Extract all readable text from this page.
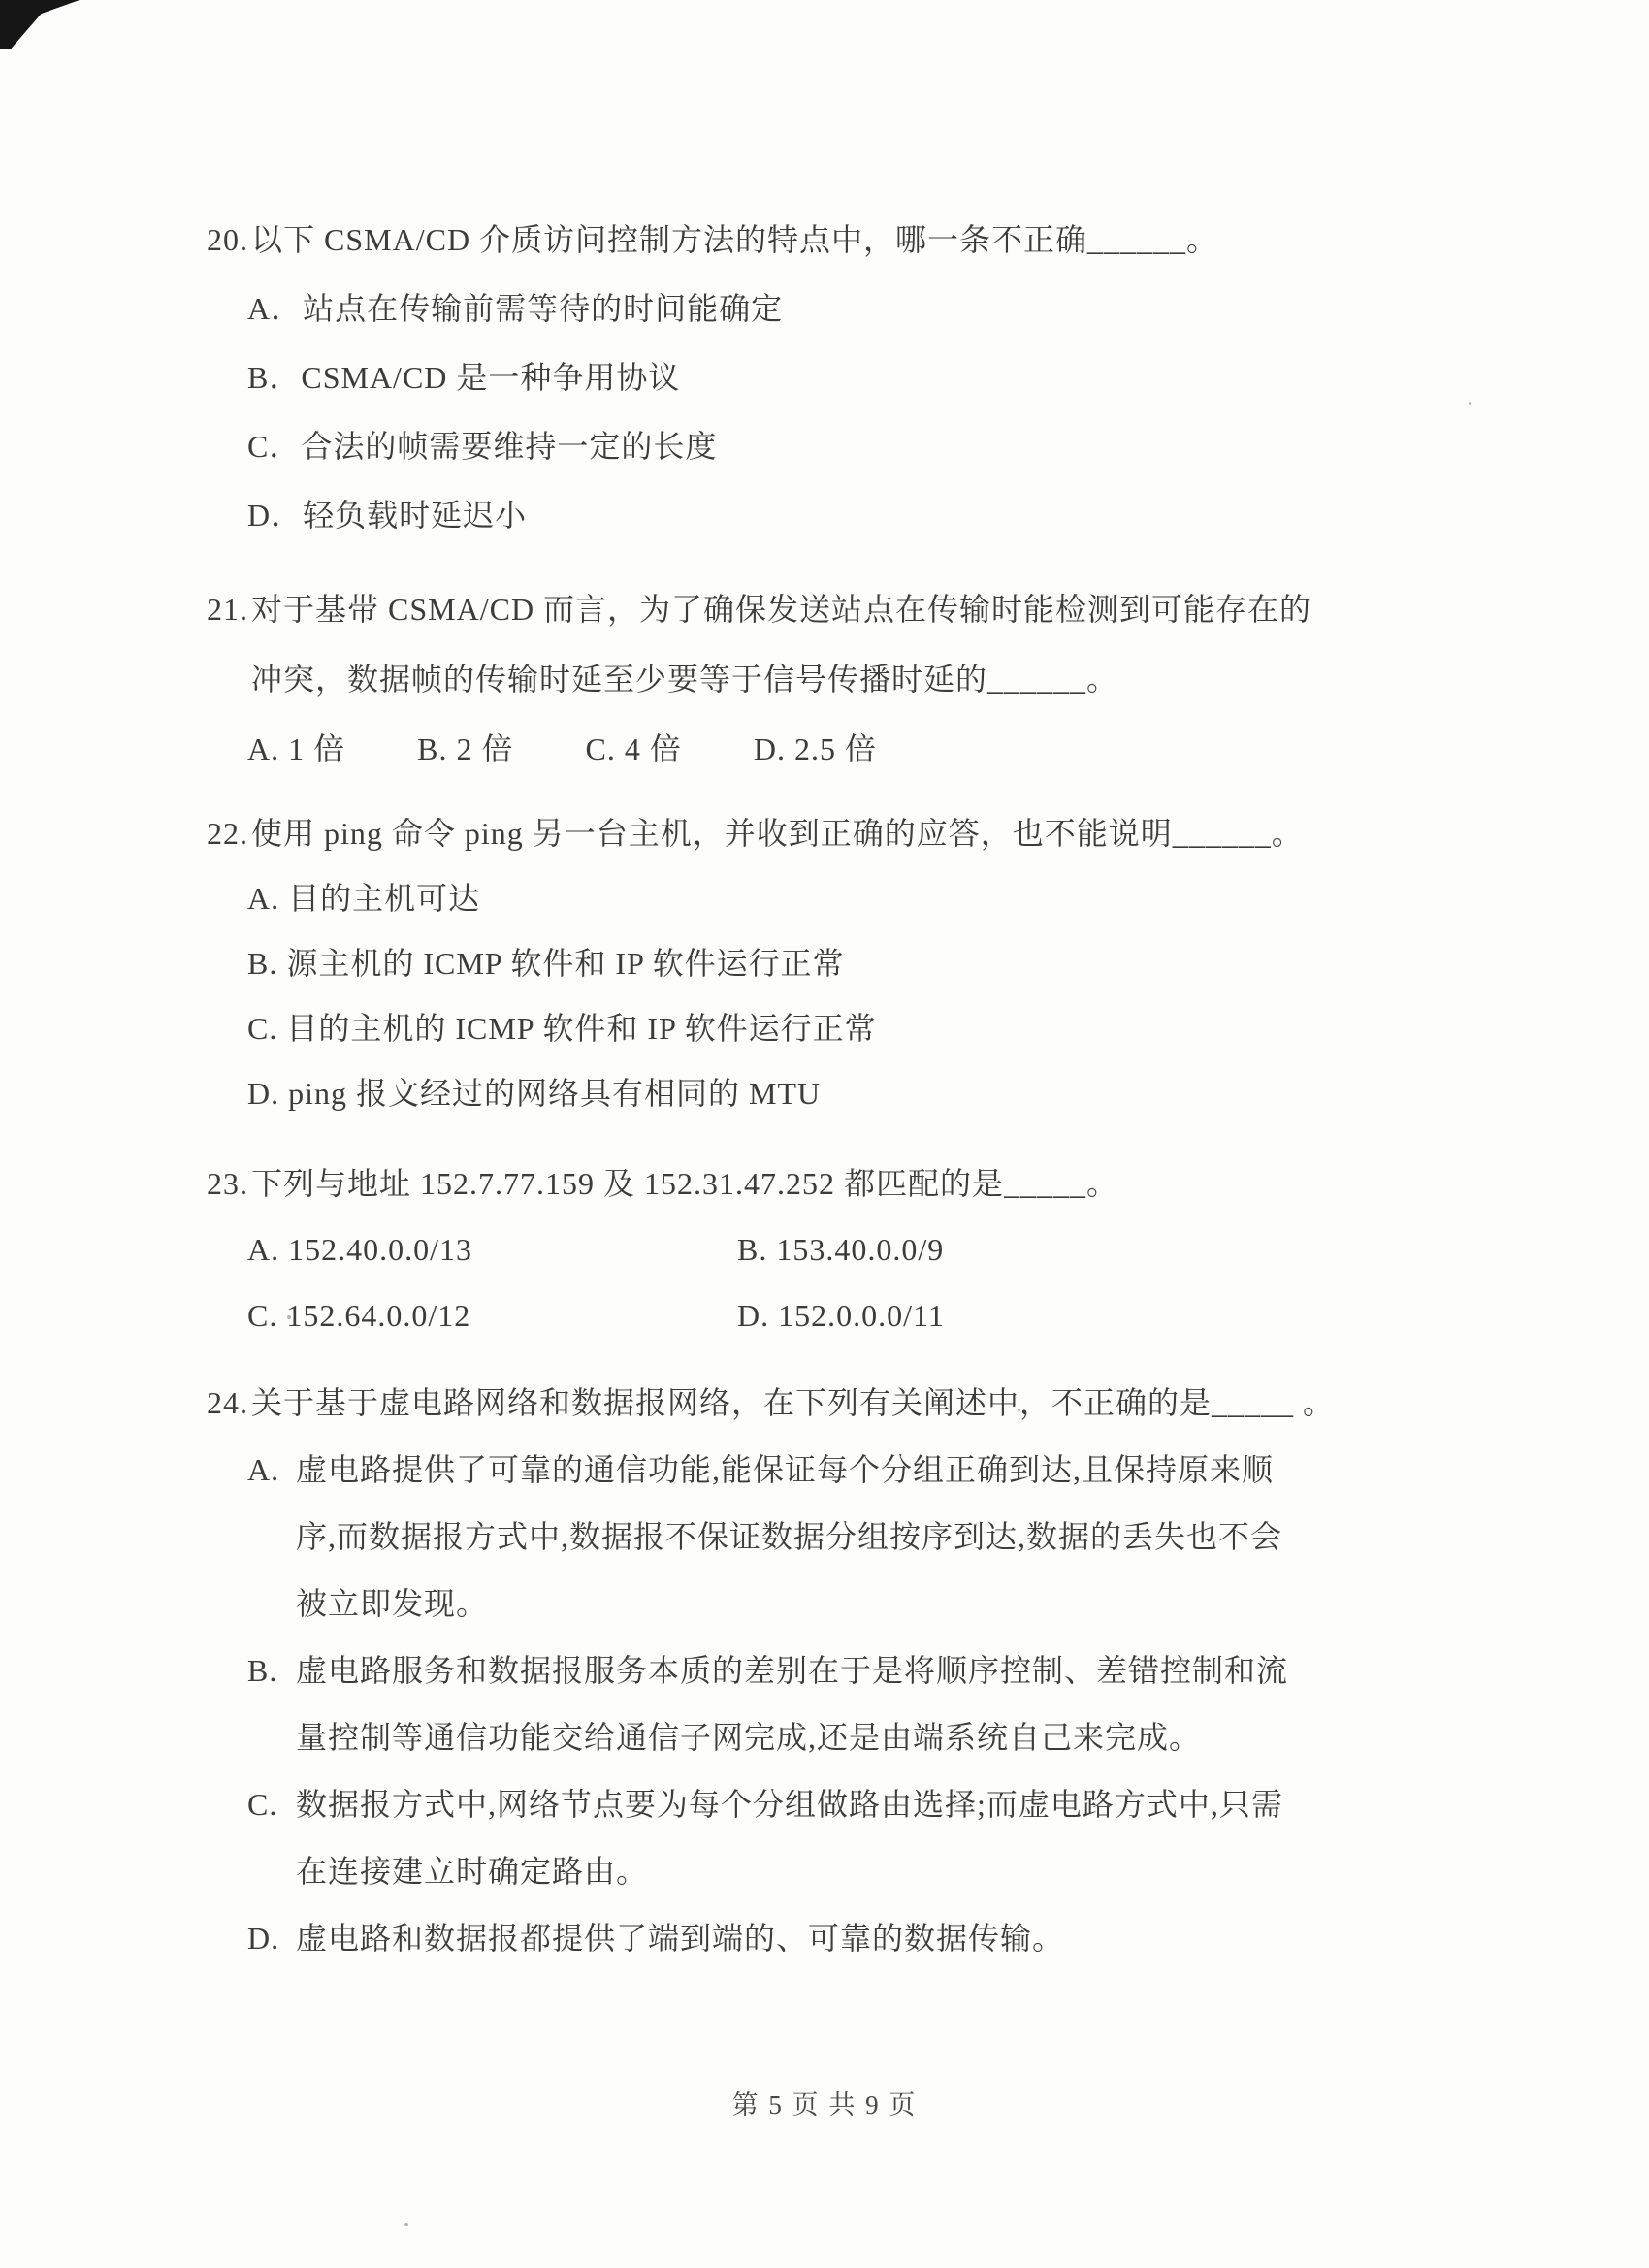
20. 以下 CSMA/CD 介质访问控制方法的特点中，哪一条不正确______。
A．站点在传输前需等待的时间能确定
B．CSMA/CD 是一种争用协议
C．合法的帧需要维持一定的长度
D．轻负载时延迟小
21. 对于基带 CSMA/CD 而言，为了确保发送站点在传输时能检测到可能存在的
冲突，数据帧的传输时延至少要等于信号传播时延的______。
A. 1 倍 B. 2 倍 C. 4 倍 D. 2.5 倍
22. 使用 ping 命令 ping 另一台主机，并收到正确的应答，也不能说明______。
A. 目的主机可达
B. 源主机的 ICMP 软件和 IP 软件运行正常
C. 目的主机的 ICMP 软件和 IP 软件运行正常
D. ping 报文经过的网络具有相同的 MTU
23. 下列与地址 152.7.77.159 及 152.31.47.252 都匹配的是_____。
A. 152.40.0.0/13	B. 153.40.0.0/9
C. 152.64.0.0/12	D. 152.0.0.0/11
24. 关于基于虚电路网络和数据报网络，在下列有关阐述中，不正确的是_____ 。
A. 虚电路提供了可靠的通信功能,能保证每个分组正确到达,且保持原来顺
序,而数据报方式中,数据报不保证数据分组按序到达,数据的丢失也不会
被立即发现。
B. 虚电路服务和数据报服务本质的差别在于是将顺序控制、差错控制和流
量控制等通信功能交给通信子网完成,还是由端系统自己来完成。
C. 数据报方式中,网络节点要为每个分组做路由选择;而虚电路方式中,只需
在连接建立时确定路由。
D. 虚电路和数据报都提供了端到端的、可靠的数据传输。
第 5 页 共 9 页
